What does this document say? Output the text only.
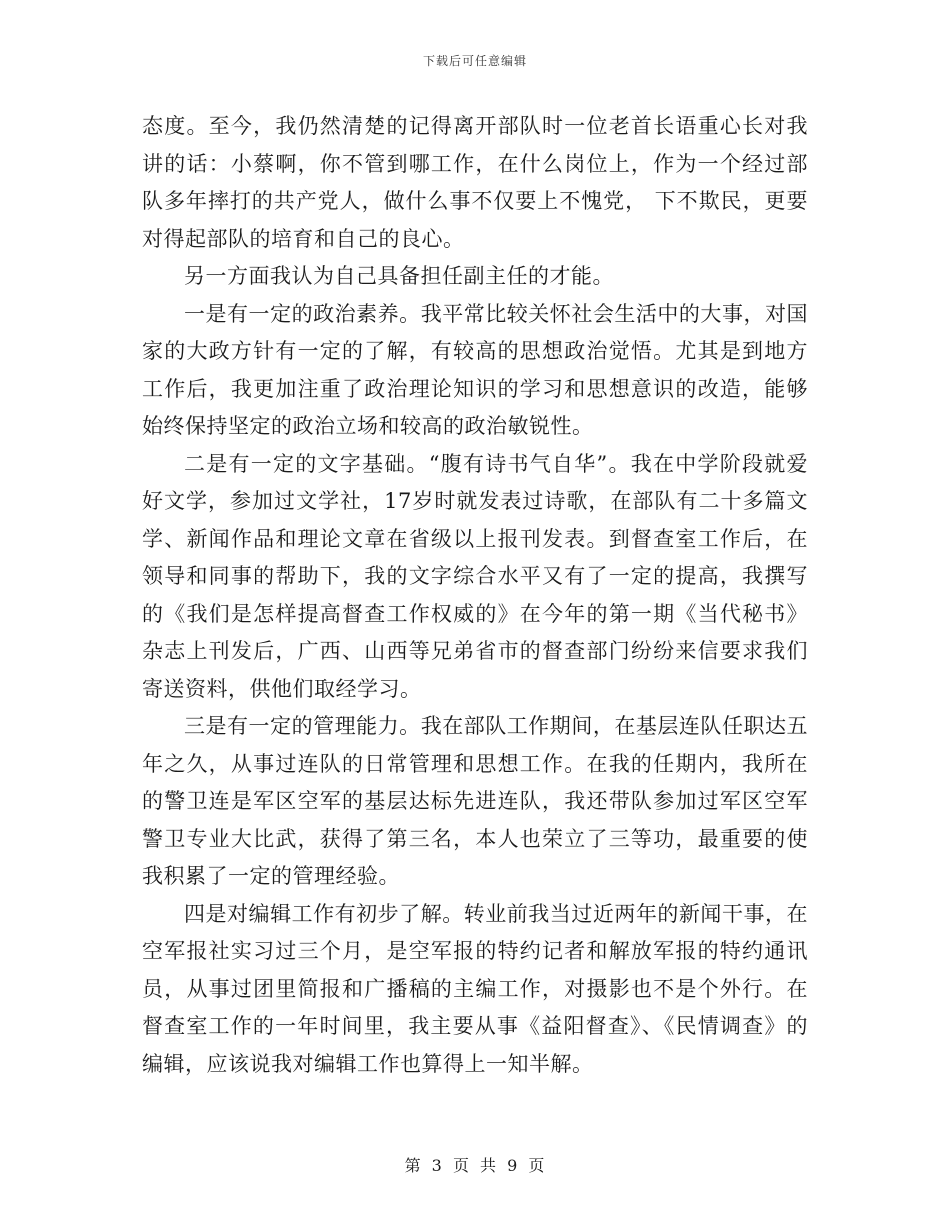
下载后可任意编辑

态度。至今，我仍然清楚的记得离开部队时一位老首长语重心长对我讲的话：小蔡啊，你不管到哪工作，在什么岗位上，作为一个经过部队多年摔打的共产党人，做什么事不仅要上不愧党， 下不欺民，更要对得起部队的培育和自己的良心。

另一方面我认为自己具备担任副主任的才能。

一是有一定的政治素养。我平常比较关怀社会生活中的大事，对国家的大政方针有一定的了解，有较高的思想政治觉悟。尤其是到地方工作后，我更加注重了政治理论知识的学习和思想意识的改造，能够始终保持坚定的政治立场和较高的政治敏锐性。

二是有一定的文字基础。“腹有诗书气自华”。我在中学阶段就爱好文学，参加过文学社，17岁时就发表过诗歌，在部队有二十多篇文学、新闻作品和理论文章在省级以上报刊发表。到督查室工作后，在领导和同事的帮助下，我的文字综合水平又有了一定的提高，我撰写的《我们是怎样提高督查工作权威的》在今年的第一期《当代秘书》杂志上刊发后，广西、山西等兄弟省市的督查部门纷纷来信要求我们寄送资料，供他们取经学习。

三是有一定的管理能力。我在部队工作期间，在基层连队任职达五年之久，从事过连队的日常管理和思想工作。在我的任期内，我所在的警卫连是军区空军的基层达标先进连队，我还带队参加过军区空军警卫专业大比武，获得了第三名，本人也荣立了三等功，最重要的使我积累了一定的管理经验。

四是对编辑工作有初步了解。转业前我当过近两年的新闻干事，在空军报社实习过三个月，是空军报的特约记者和解放军报的特约通讯员，从事过团里简报和广播稿的主编工作，对摄影也不是个外行。在督查室工作的一年时间里，我主要从事《益阳督查》、《民情调查》的编辑，应该说我对编辑工作也算得上一知半解。

第 3 页 共 9 页
